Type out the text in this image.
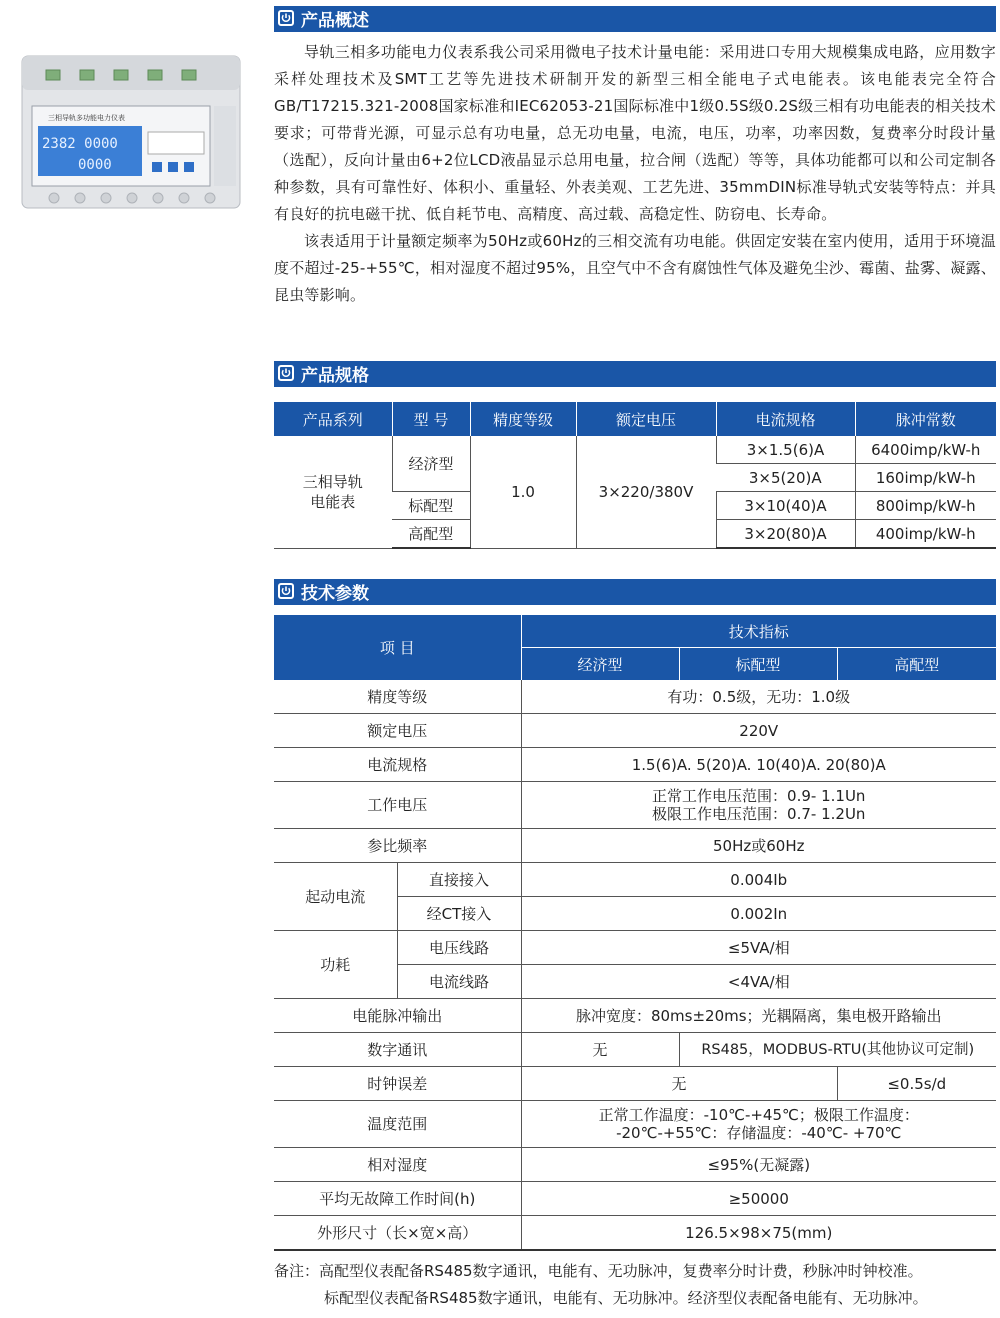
三相导轨多功能电力仪表
2382 0000
0000
产品概述

导轨三相多功能电力仪表系我公司采用微电子技术计量电能：采用进口专用大规模集成电路，应用数字采样处理技术及SMT工艺等先进技术研制开发的新型三相全能电子式电能表。该电能表完全符合GB/T17215.321-2008国家标准和IEC62053-21国际标准中1级0.5S级0.2S级三相有功电能表的相关技术要求；可带背光源，可显示总有功电量，总无功电量，电流，电压，功率，功率因数，复费率分时段计量（选配），反向计量由6+2位LCD液晶显示总用电量，拉合闸（选配）等等，具体功能都可以和公司定制各种参数，具有可靠性好、体积小、重量轻、外表美观、工艺先进、35mmDIN标准导轨式安装等特点：并具有良好的抗电磁干扰、低自耗节电、高精度、高过载、高稳定性、防窃电、长寿命。

该表适用于计量额定频率为50Hz或60Hz的三相交流有功电能。供固定安装在室内使用，适用于环境温度不超过-25-+55℃，相对湿度不超过95%，且空气中不含有腐蚀性气体及避免尘沙、霉菌、盐雾、凝露、昆虫等影响。

产品规格
产品系列	型 号	精度等级	额定电压	电流规格	脉冲常数
三相导轨电能表	经济型	1.0	3×220/380V	3×1.5(6)A	6400imp/kW-h
				3×5(20)A	160imp/kW-h
	标配型			3×10(40)A	800imp/kW-h
	高配型			3×20(80)A	400imp/kW-h
技术参数
项 目		技术指标		
		经济型	标配型	高配型
精度等级		有功：0.5级，无功：1.0级		
额定电压		220V		
电流规格		1.5(6)A. 5(20)A. 10(40)A. 20(80)A		
工作电压		正常工作电压范围：0.9- 1.1Un
极限工作电压范围：0.7- 1.2Un		

参比频率		50Hz或60Hz		
起动电流	直接接入	0.004Ib		
	经CT接入	0.002In		
功耗	电压线路	≤5VA/相		
	电流线路	<4VA/相		
电能脉冲输出		脉冲宽度：80ms±20ms；光耦隔离，集电极开路输出		
数字通讯		无	RS485，MODBUS-RTU(其他协议可定制)	
时钟误差		无		≤0.5s/d
温度范围		正常工作温度：-10℃-+45℃；极限工作温度：
-20℃-+55℃：存储温度：-40℃- +70℃		

相对湿度		≤95%(无凝露)		
平均无故障工作时间(h)		≥50000		
外形尺寸（长×宽×高）		126.5×98×75(mm)		
备注：高配型仪表配备RS485数字通讯，电能有、无功脉冲，复费率分时计费，秒脉冲时钟校准。
标配型仪表配备RS485数字通讯，电能有、无功脉冲。经济型仪表配备电能有、无功脉冲。
